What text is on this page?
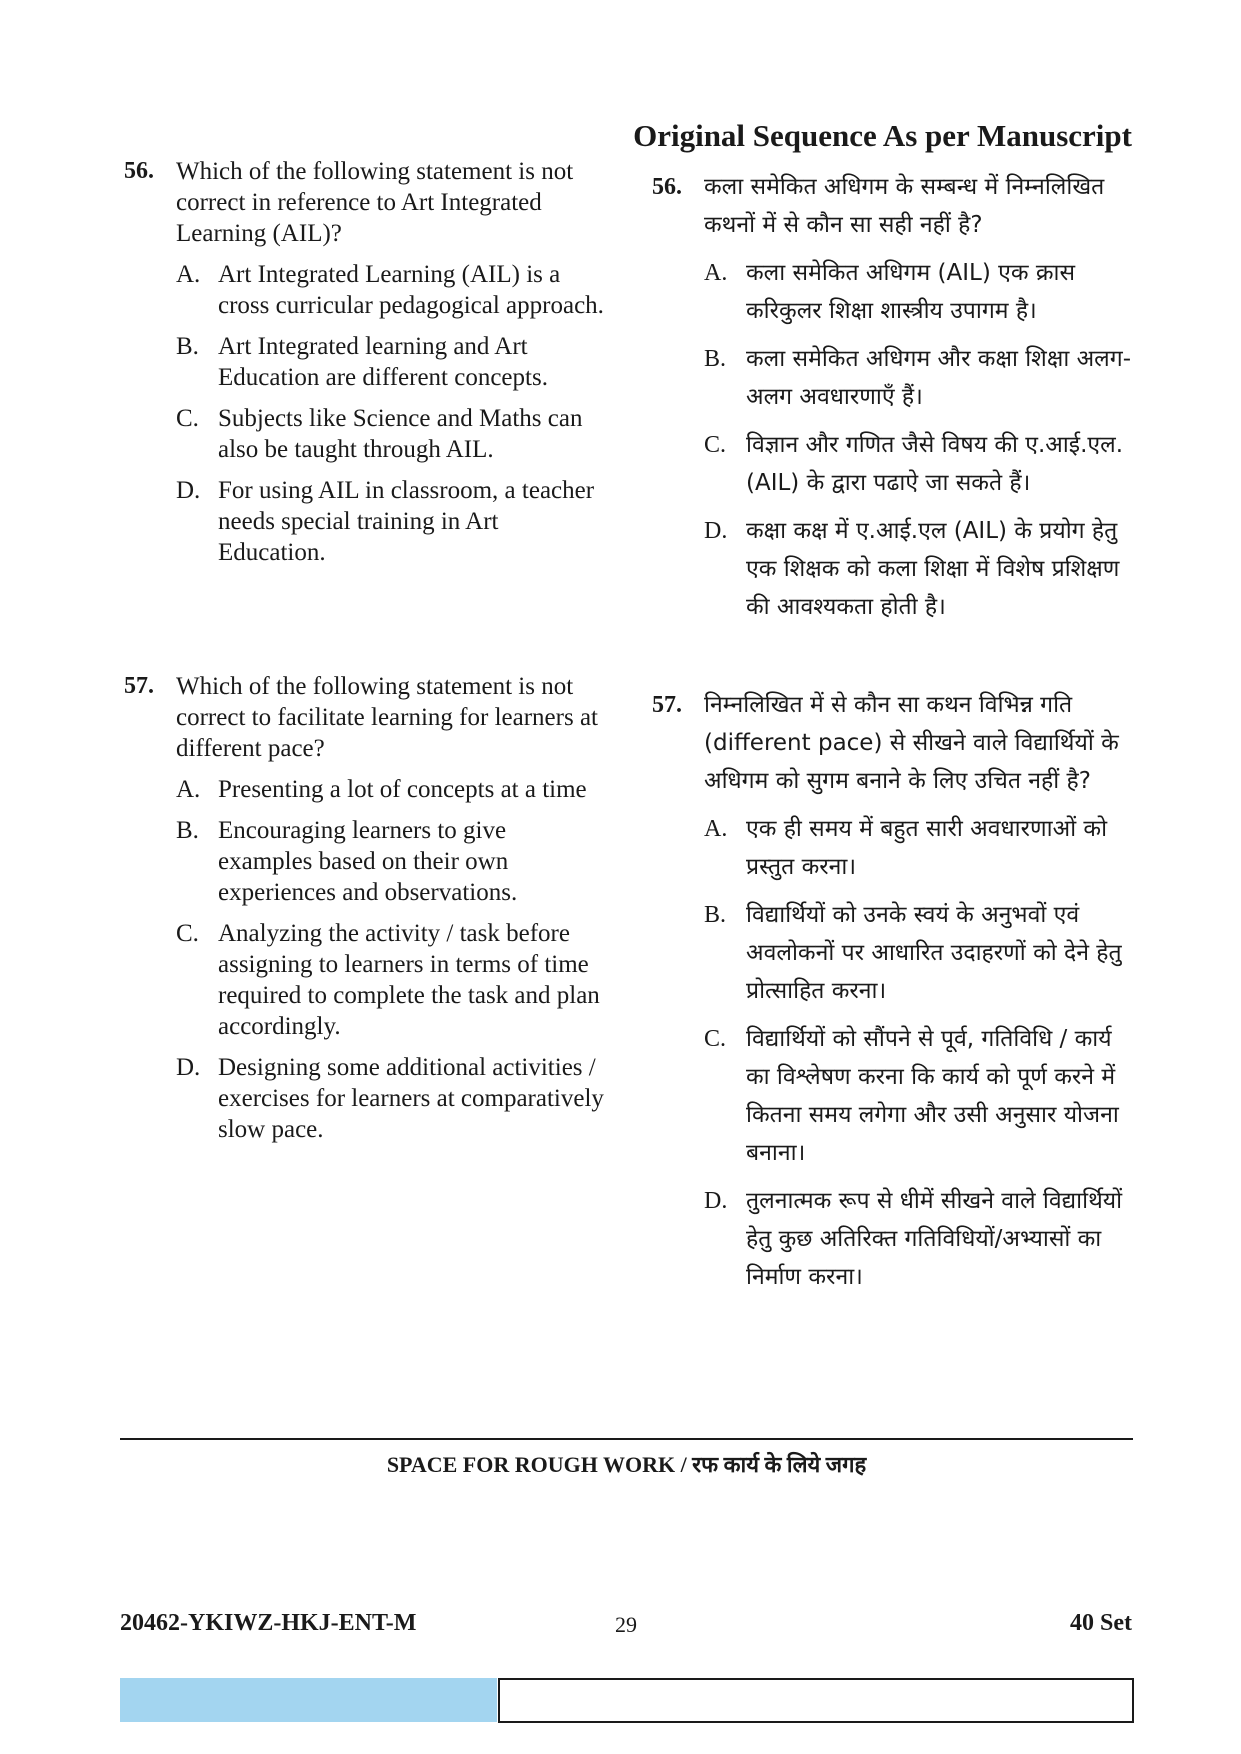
Original Sequence As per Manuscript
56. Which of the following statement is not correct in reference to Art Integrated Learning (AIL)?
A. Art Integrated Learning (AIL) is a cross curricular pedagogical approach.
B. Art Integrated learning and Art Education are different concepts.
C. Subjects like Science and Maths can also be taught through AIL.
D. For using AIL in classroom, a teacher needs special training in Art Education.
57. Which of the following statement is not correct to facilitate learning for learners at different pace?
A. Presenting a lot of concepts at a time
B. Encouraging learners to give examples based on their own experiences and observations.
C. Analyzing the activity / task before assigning to learners in terms of time required to complete the task and plan accordingly.
D. Designing some additional activities / exercises for learners at comparatively slow pace.
56. कला समेकित अधिगम के सम्बन्ध में निम्नलिखित कथनों में से कौन सा सही नहीं है?
A. कला समेकित अधिगम (AIL) एक क्रास करिकुलर शिक्षा शास्त्रीय उपागम है।
B. कला समेकित अधिगम और कक्षा शिक्षा अलग-अलग अवधारणाएँ हैं।
C. विज्ञान और गणित जैसे विषय की ए.आई.एल. (AIL) के द्वारा पढाऐ जा सकते हैं।
D. कक्षा कक्ष में ए.आई.एल (AIL) के प्रयोग हेतु एक शिक्षक को कला शिक्षा में विशेष प्रशिक्षण की आवश्यकता होती है।
57. निम्नलिखित में से कौन सा कथन विभिन्न गति (different pace) से सीखने वाले विद्यार्थियों के अधिगम को सुगम बनाने के लिए उचित नहीं है?
A. एक ही समय में बहुत सारी अवधारणाओं को प्रस्तुत करना।
B. विद्यार्थियों को उनके स्वयं के अनुभवों एवं अवलोकनों पर आधारित उदाहरणों को देने हेतु प्रोत्साहित करना।
C. विद्यार्थियों को सौंपने से पूर्व, गतिविधि / कार्य का विश्लेषण करना कि कार्य को पूर्ण करने में कितना समय लगेगा और उसी अनुसार योजना बनाना।
D. तुलनात्मक रूप से धीमें सीखने वाले विद्यार्थियों हेतु कुछ अतिरिक्त गतिविधियों/अभ्यासों का निर्माण करना।
SPACE FOR ROUGH WORK / रफ कार्य के लिये जगह
20462-YKIWZ-HKJ-ENT-M	29	40 Set
